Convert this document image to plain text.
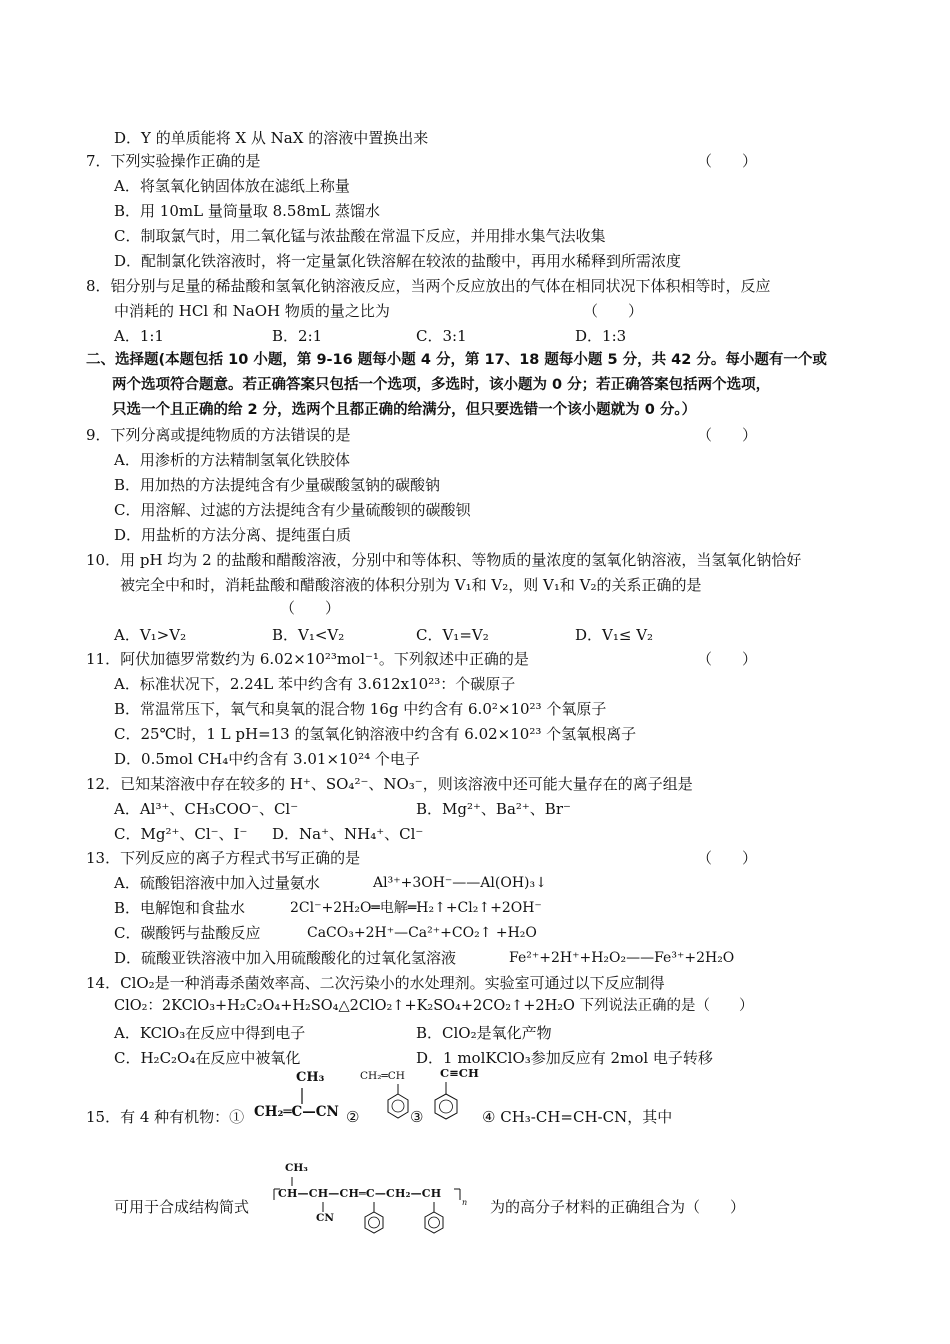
D．Y 的单质能将 X 从 NaX 的溶液中置换出来
7．下列实验操作正确的是	（　　）
A．将氢氧化钠固体放在滤纸上称量
B．用 10mL 量筒量取 8.58mL 蒸馏水
C．制取氯气时，用二氧化锰与浓盐酸在常温下反应，并用排水集气法收集
D．配制氯化铁溶液时，将一定量氯化铁溶解在较浓的盐酸中，再用水稀释到所需浓度
8．铝分别与足量的稀盐酸和氢氧化钠溶液反应，当两个反应放出的气体在相同状况下体积相等时，反应
中消耗的 HCl 和 NaOH 物质的量之比为	（　　）
A．1:1	B．2:1	C．3:1	D．1:3
二、选择题(本题包括 10 小题，第 9-16 题每小题 4 分，第 17、18 题每小题 5 分，共 42 分。每小题有一个或
两个选项符合题意。若正确答案只包括一个选项，多选时，该小题为 0 分；若正确答案包括两个选项，
只选一个且正确的给 2 分，选两个且都正确的给满分，但只要选错一个该小题就为 0 分。）
9．下列分离或提纯物质的方法错误的是	（　　）
A．用渗析的方法精制氢氧化铁胶体
B．用加热的方法提纯含有少量碳酸氢钠的碳酸钠
C．用溶解、过滤的方法提纯含有少量硫酸钡的碳酸钡
D．用盐析的方法分离、提纯蛋白质
10．用 pH 均为 2 的盐酸和醋酸溶液，分别中和等体积、等物质的量浓度的氢氧化钠溶液，当氢氧化钠恰好
被完全中和时，消耗盐酸和醋酸溶液的体积分别为 V₁和 V₂，则 V₁和 V₂的关系正确的是
（　　）
A．V₁>V₂	B．V₁<V₂	C．V₁=V₂	D．V₁≤ V₂
11．阿伏加德罗常数约为 6.02×10²³mol⁻¹。下列叙述中正确的是	（　　）
A．标准状况下，2.24L 苯中约含有 3.612x10²³：个碳原子
B．常温常压下，氧气和臭氧的混合物 16g 中约含有 6.0²×10²³ 个氧原子
C．25℃时，1 L pH=13 的氢氧化钠溶液中约含有 6.02×10²³ 个氢氧根离子
D．0.5mol CH₄中约含有 3.01×10²⁴ 个电子
12．已知某溶液中存在较多的 H⁺、SO₄²⁻、NO₃⁻，则该溶液中还可能大量存在的离子组是
A．Al³⁺、CH₃COO⁻、Cl⁻	B．Mg²⁺、Ba²⁺、Br⁻
C．Mg²⁺、Cl⁻、I⁻ D．Na⁺、NH₄⁺、Cl⁻
13．下列反应的离子方程式书写正确的是	（　　）
A．硫酸铝溶液中加入过量氨水	Al³⁺+3OH⁻——Al(OH)₃↓
B．电解饱和食盐水	2Cl⁻+2H₂O═电解═H₂↑+Cl₂↑+2OH⁻
C．碳酸钙与盐酸反应	CaCO₃+2H⁺—Ca²⁺+CO₂↑ +H₂O
D．硫酸亚铁溶液中加入用硫酸酸化的过氧化氢溶液	Fe²⁺+2H⁺+H₂O₂——Fe³⁺+2H₂O
14．ClO₂是一种消毒杀菌效率高、二次污染小的水处理剂。实验室可通过以下反应制得
ClO₂：2KClO₃+H₂C₂O₄+H₂SO₄△2ClO₂↑+K₂SO₄+2CO₂↑+2H₂O 下列说法正确的是（　　）
A．KClO₃在反应中得到电子	B．ClO₂是氧化产物
C．H₂C₂O₄在反应中被氧化	D．1 molKClO₃参加反应有 2mol 电子转移
15．有 4 种有机物：①
CH₃
CH₂═C—CN ②
CH₂═CH
③
C≡CH
④ CH₃-CH=CH-CN，其中
可用于合成结构简式
CH₃
CH—CH—CH═C—CH₂—CH
n
CN
为的高分子材料的正确组合为（　　）
